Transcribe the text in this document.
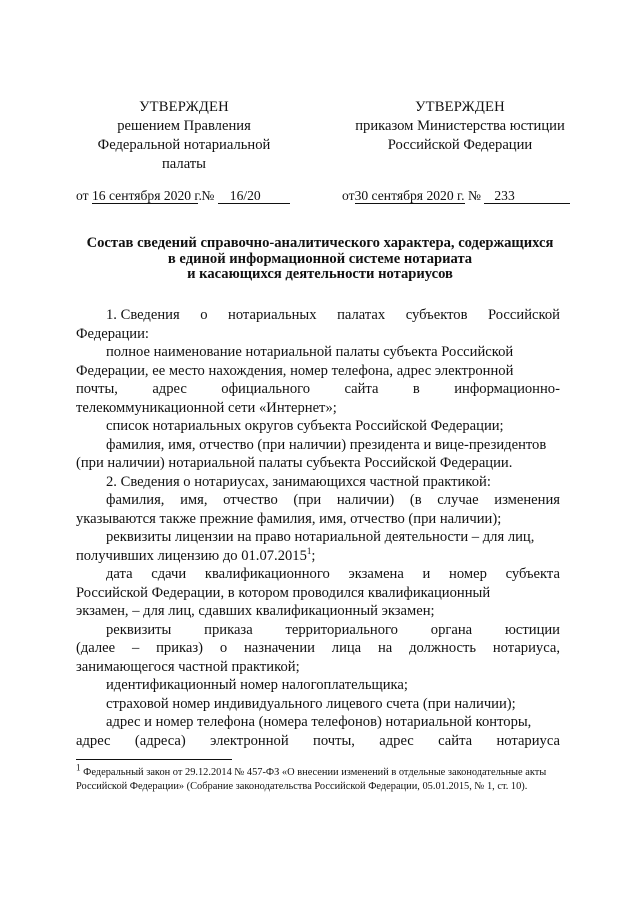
УТВЕРЖДЕН
решением Правления
Федеральной нотариальной
палаты
от 16 сентября 2020 г. № 16/20
УТВЕРЖДЕН
приказом Министерства юстиции
Российской Федерации
от30 сентября 2020 г. № 233
Состав сведений справочно-аналитического характера, содержащихся
в единой информационной системе нотариата
и касающихся деятельности нотариусов
1. Сведения о нотариальных палатах субъектов Российской
Федерации:
полное наименование нотариальной палаты субъекта Российской
Федерации, ее место нахождения, номер телефона, адрес электронной
почты, адрес официального сайта в информационно-
телекоммуникационной сети «Интернет»;
список нотариальных округов субъекта Российской Федерации;
фамилия, имя, отчество (при наличии) президента и вице-президентов
(при наличии) нотариальной палаты субъекта Российской Федерации.
2. Сведения о нотариусах, занимающихся частной практикой:
фамилия, имя, отчество (при наличии) (в случае изменения
указываются также прежние фамилия, имя, отчество (при наличии);
реквизиты лицензии на право нотариальной деятельности – для лиц,
получивших лицензию до 01.07.2015$^1$;
дата сдачи квалификационного экзамена и номер субъекта
Российской Федерации, в котором проводился квалификационный
экзамен, – для лиц, сдавших квалификационный экзамен;
реквизиты приказа территориального органа юстиции
(далее – приказ) о назначении лица на должность нотариуса,
занимающегося частной практикой;
идентификационный номер налогоплательщика;
страховой номер индивидуального лицевого счета (при наличии);
адрес и номер телефона (номера телефонов) нотариальной конторы,
адрес (адреса) электронной почты, адрес сайта нотариуса
$^1$ Федеральный закон от 29.12.2014 № 457-ФЗ «О внесении изменений в отдельные законодательные акты Российской Федерации» (Собрание законодательства Российской Федерации, 05.01.2015, № 1, ст. 10).
